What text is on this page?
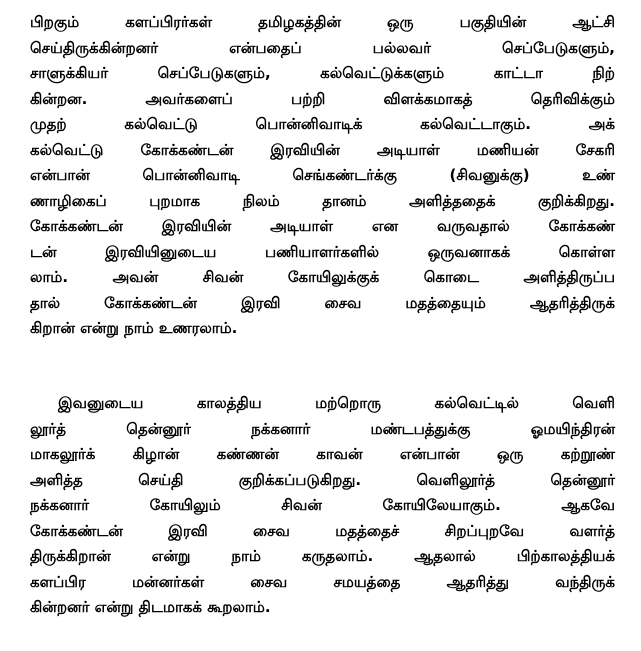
பிறகும் களப்பிரர்கள் தமிழகத்தின் ஒரு பகுதியின் ஆட்சி
செய்திருக்கின்றனர் என்பதைப் பல்லவர் செப்பேடுகளும்,
சாளுக்கியர் செப்பேடுகளும், கல்வெட்டுக்களும் காட்டா நிற்
கின்றன. அவர்களைப் பற்றி விளக்கமாகத் தெரிவிக்கும்
முதற் கல்வெட்டு பொன்னிவாடிக் கல்வெட்டாகும். அக்
கல்வெட்டு கோக்கண்டன் இரவியின் அடியாள் மணியன் சேகரி
என்பான் பொன்னிவாடி செங்கண்டர்க்கு (சிவனுக்கு) உண்
ணாழிகைப் புறமாக நிலம் தானம் அளித்ததைக் குறிக்கிறது.
கோக்கண்டன் இரவியின் அடியாள் என வருவதால் கோக்கண்
டன் இரவியினுடைய பணியாளர்களில் ஒருவனாகக் கொள்ள
லாம். அவன் சிவன் கோயிலுக்குக் கொடை அளித்திருப்ப
தால் கோக்கண்டன் இரவி சைவ மதத்தையும் ஆதரித்திருக்
கிறான் என்று நாம் உணரலாம்.
இவனுடைய காலத்திய மற்றொரு கல்வெட்டில் வெளி
லூர்த் தென்னூர் நக்கனார் மண்டபத்துக்கு ஓமயிந்திரன்
மாகலூர்க் கிழான் கண்ணன் காவன் என்பான் ஒரு கற்றூண்
அளித்த செய்தி குறிக்கப்படுகிறது. வெளிலூர்த் தென்னூர்
நக்கனார் கோயிலும் சிவன் கோயிலேயாகும். ஆகவே
கோக்கண்டன் இரவி சைவ மதத்தைச் சிறப்புறவே வளர்த்
திருக்கிறான் என்று நாம் கருதலாம். ஆதலால் பிற்காலத்தியக்
களப்பிர மன்னர்கள் சைவ சமயத்தை ஆதரித்து வந்திருக்
கின்றனர் என்று திடமாகக் கூறலாம்.
